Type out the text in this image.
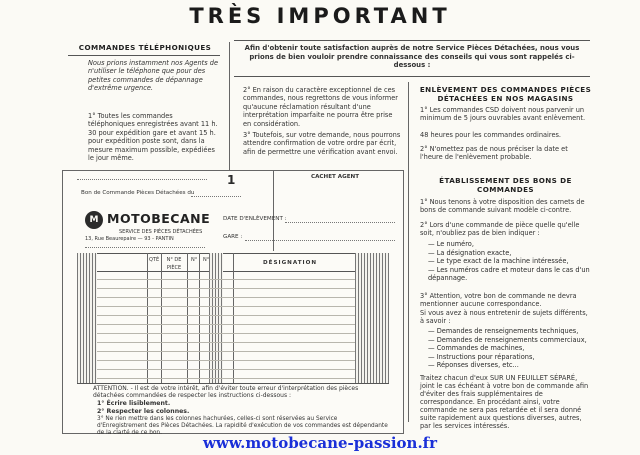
TRÈS IMPORTANT
COMMANDES TÉLÉPHONIQUES
Nous prions instamment nos Agents de n'utiliser le téléphone que pour des petites commandes de dépannage d'extrême urgence.
1° Toutes les commandes téléphoniques enregistrées avant 11 h. 30 pour expédition gare et avant 15 h. pour expédition poste sont, dans la mesure maximum possible, expédiées le jour même.
Afin d'obtenir toute satisfaction auprès de notre Service Pièces Détachées, nous vous prions de bien vouloir prendre connaissance des conseils qui vous sont rappelés ci-dessous :
2° En raison du caractère exceptionnel de ces commandes, nous regrettons de vous informer qu'aucune réclamation résultant d'une interprétation imparfaite ne pourra être prise en considération.
3° Toutefois, sur votre demande, nous pourrons attendre confirmation de votre ordre par écrit, afin de permettre une vérification avant envoi.
ENLÈVEMENT DES COMMANDES PIÈCES DÉTACHÉES EN NOS MAGASINS
1° Les commandes CSD doivent nous parvenir un minimum de 5 jours ouvrables avant enlèvement.
48 heures pour les commandes ordinaires.
2° N'omettez pas de nous préciser la date et l'heure de l'enlèvement probable.
ÉTABLISSEMENT DES BONS DE COMMANDES
1° Nous tenons à votre disposition des carnets de bons de commande suivant modèle ci-contre.
2° Lors d'une commande de pièce quelle qu'elle soit, n'oubliez pas de bien indiquer :
— Le numéro,
— La désignation exacte,
— Le type exact de la machine intéressée,
— Les numéros cadre et moteur dans le cas d'un dépannage.
3° Attention, votre bon de commande ne devra mentionner aucune correspondance.
Si vous avez à nous entretenir de sujets différents, à savoir :
— Demandes de renseignements techniques,
— Demandes de renseignements commerciaux,
— Commandes de machines,
— Instructions pour réparations,
— Réponses diverses, etc...
Traitez chacun d'eux SUR UN FEUILLET SÉPARÉ, joint le cas échéant à votre bon de commande afin d'éviter des frais supplémentaires de correspondance. En procédant ainsi, votre commande ne sera pas retardée et il sera donné suite rapidement aux questions diverses, autres, par les services intéressés.
Bon de Commande Pièces Détachées du
1	CACHET AGENT
M MOTOBECANE
SERVICE DES PIÈCES DÉTACHÉES
13, Rue Beaurepaire — 93 - PANTIN
DATE D'ENLÈVEMENT :
GARE :
QTÉ	N° DE PIÈCE
N° N°	DÉSIGNATION
ATTENTION. - Il est de votre intérêt, afin d'éviter toute erreur d'interprétation des pièces détachées commandées de respecter les instructions ci-dessous :
1° Écrire lisiblement.
2° Respecter les colonnes.
3° Ne rien mettre dans les colonnes hachurées, celles-ci sont réservées au Service d'Enregistrement des Pièces Détachées. La rapidité d'exécution de vos commandes est dépendante de la clarté de ce bon.
www.motobecane-passion.fr
